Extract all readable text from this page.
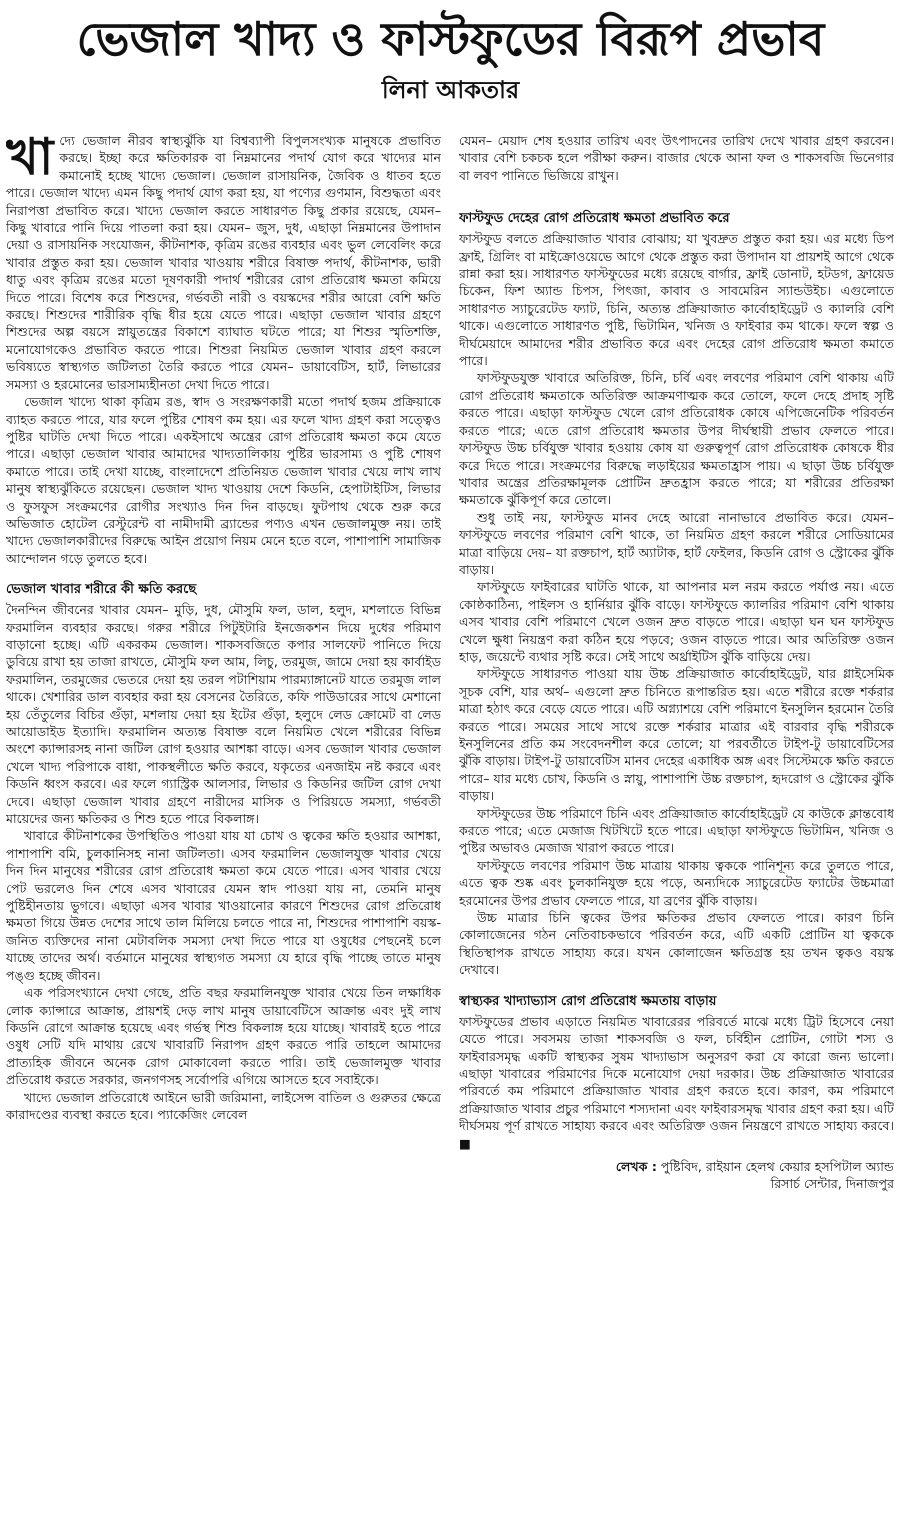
ভেজাল খাদ্য ও ফাস্টফুডের বিরূপ প্রভাব
লিনা আকতার

খাদ্যে ভেজাল নীরব স্বাস্থ্যঝুঁকি যা বিশ্বব্যাপী বিপুলসংখ্যক মানুষকে প্রভাবিত করছে। ইচ্ছা করে ক্ষতিকারক বা নিম্নমানের পদার্থ যোগ করে খাদ্যের মান কমানোই হচ্ছে খাদ্যে ভেজাল। ভেজাল রাসায়নিক, জৈবিক ও ধাতব হতে পারে। ভেজাল খাদ্যে এমন কিছু পদার্থ যোগ করা হয়, যা পণ্যের গুণমান, বিশুদ্ধতা এবং নিরাপত্তা প্রভাবিত করে। খাদ্যে ভেজাল করতে সাধারণত কিছু প্রকার রয়েছে, যেমন– কিছু খাবারে পানি দিয়ে পাতলা করা হয়। যেমন– জুস, দুধ, এছাড়া নিম্নমানের উপাদান দেয়া ও রাসায়নিক সংযোজন, কীটনাশক, কৃত্রিম রঙের ব্যবহার এবং ভুল লেবেলিং করে খাবার প্রস্তুত করা হয়। ভেজাল খাবার খাওয়ায় শরীরে বিষাক্ত পদার্থ, কীটনাশক, ভারী ধাতু এবং কৃত্রিম রঙের মতো দূষণকারী পদার্থ শরীরের রোগ প্রতিরোধ ক্ষমতা কমিয়ে দিতে পারে। বিশেষ করে শিশুদের, গর্ভবতী নারী ও বয়স্কদের শরীর আরো বেশি ক্ষতি করছে। শিশুদের শারীরিক বৃদ্ধি ধীর হয়ে যেতে পারে। এছাড়া ভেজাল খাবার গ্রহণে শিশুদের অল্প বয়সে স্নায়ুতন্ত্রের বিকাশে ব্যাঘাত ঘটতে পারে; যা শিশুর স্মৃতিশক্তি, মনোযোগকেও প্রভাবিত করতে পারে। শিশুরা নিয়মিত ভেজাল খাবার গ্রহণ করলে ভবিষ্যতে স্বাস্থ্যগত জটিলতা তৈরি করতে পারে যেমন– ডায়াবেটিস, হার্ট, লিভারের সমস্যা ও হরমোনের ভারসাম্যহীনতা দেখা দিতে পারে।

ভেজাল খাদ্যে থাকা কৃত্রিম রঙ, স্বাদ ও সংরক্ষণকারী মতো পদার্থ হজম প্রক্রিয়াকে ব্যাহত করতে পারে, যার ফলে পুষ্টির শোষণ কম হয়। এর ফলে খাদ্য গ্রহণ করা সত্ত্বেও পুষ্টির ঘাটতি দেখা দিতে পারে। একইসাথে অন্ত্রের রোগ প্রতিরোধ ক্ষমতা কমে যেতে পারে। এছাড়া ভেজাল খাবার আমাদের খাদ্যতালিকায় পুষ্টির ভারসাম্য ও পুষ্টি শোষণ কমাতে পারে। তাই দেখা যাচ্ছে, বাংলাদেশে প্রতিনিয়ত ভেজাল খাবার খেয়ে লাখ লাখ মানুষ স্বাস্থ্যঝুঁকিতে রয়েছেন। ভেজাল খাদ্য খাওয়ায় দেশে কিডনি, হেপাটাইটিস, লিভার ও ফুসফুস সংক্রমণের রোগীর সংখ্যাও দিন দিন বাড়ছে। ফুটপাথ থেকে শুরু করে অভিজাত হোটেল রেস্টুরেন্ট বা নামীদামী ব্র্যান্ডের পণ্যও এখন ভেজালমুক্ত নয়। তাই খাদ্যে ভেজালকারীদের বিরুদ্ধে আইন প্রয়োগ নিয়ম মেনে হতে বলে, পাশাপাশি সামাজিক আন্দোলন গড়ে তুলতে হবে।

ভেজাল খাবার শরীরে কী ক্ষতি করছে

দৈনন্দিন জীবনের খাবার যেমন– মুড়ি, দুধ, মৌসুমি ফল, ডাল, হলুদ, মশলাতে বিভিন্ন ফরমালিন ব্যবহার করছে। গরুর শরীরে পিটুইটারি ইনজেকশন দিয়ে দুধের পরিমাণ বাড়ানো হচ্ছে। এটি একরকম ভেজাল। শাকসবজিতে কপার সালফেট পানিতে দিয়ে ডুবিয়ে রাখা হয় তাজা রাখতে, মৌসুমি ফল আম, লিচু, তরমুজ, জামে দেয়া হয় কার্বাইড ফরমালিন, তরমুজের ভেতরে দেয়া হয় তরল পটাশিয়াম পারম্যাঙ্গানেট যাতে তরমুজ লাল থাকে। খেশারির ডাল ব্যবহার করা হয় বেসনের তৈরিতে, কফি পাউডারের সাথে মেশানো হয় তেঁতুলের বিচির গুঁড়া, মশলায় দেয়া হয় ইটের গুঁড়া, হলুদে লেড ক্রোমেট বা লেড আয়োডাইড ইত্যাদি। ফরমালিন অত্যন্ত বিষাক্ত বলে নিয়মিত খেলে শরীরের বিভিন্ন অংশে ক্যান্সারসহ নানা জটিল রোগ হওয়ার আশঙ্কা বাড়ে। এসব ভেজাল খাবার ভেজাল খেলে খাদ্য পরিপাকে বাধা, পাকস্থলীতে ক্ষতি করবে, যকৃতের এনজাইম নষ্ট করবে এবং কিডনি ধ্বংস করবে। এর ফলে গ্যাস্ট্রিক আলসার, লিভার ও কিডনির জটিল রোগ দেখা দেবে। এছাড়া ভেজাল খাবার গ্রহণে নারীদের মাসিক ও পিরিয়ডে সমস্যা, গর্ভবতী মায়েদের জন্য ক্ষতিকর ও শিশু হতে পারে বিকলাঙ্গ।

খাবারে কীটনাশকের উপস্থিতিও পাওয়া যায় যা চোখ ও ত্বকের ক্ষতি হওয়ার আশঙ্কা, পাশাপাশি বমি, চুলকানিসহ নানা জটিলতা। এসব ফরমালিন ভেজালযুক্ত খাবার খেয়ে দিন দিন মানুষের শরীরের রোগ প্রতিরোধ ক্ষমতা কমে যেতে পারে। এসব খাবার খেয়ে পেট ভরলেও দিন শেষে এসব খাবারের যেমন স্বাদ পাওয়া যায় না, তেমনি মানুষ পুষ্টিহীনতায় ভুগবে। এছাড়া এসব খাবার খাওয়ানোর কারণে শিশুদের রোগ প্রতিরোধ ক্ষমতা গিয়ে উন্নত দেশের সাথে তাল মিলিয়ে চলতে পারে না, শিশুদের পাশাপাশি বয়স্ক-জনিত ব্যক্তিদের নানা মেটাবলিক সমস্যা দেখা দিতে পারে যা ওষুধের পেছনেই চলে যাচ্ছে তাদের অর্থ। বর্তমানে মানুষের স্বাস্থ্যগত সমস্যা যে হারে বৃদ্ধি পাচ্ছে তাতে মানুষ পঙ্গু হচ্ছে জীবন।

এক পরিসংখ্যানে দেখা গেছে, প্রতি বছর ফরমালিনযুক্ত খাবার খেয়ে তিন লক্ষাধিক লোক ক্যান্সারে আক্রান্ত, প্রায়শই দেড় লাখ মানুষ ডায়াবেটিসে আক্রান্ত এবং দুই লাখ কিডনি রোগে আক্রান্ত হয়েছে এবং গর্ভস্থ শিশু বিকলাঙ্গ হয়ে যাচ্ছে। খাবারই হতে পারে ওষুধ সেটি যদি মাথায় রেখে খাবারটি নিরাপদ গ্রহণ করতে পারি তাহলে আমাদের প্রাত্যহিক জীবনে অনেক রোগ মোকাবেলা করতে পারি। তাই ভেজালমুক্ত খাবার প্রতিরোধ করতে সরকার, জনগণসহ সর্বোপরি এগিয়ে আসতে হবে সবাইকে।

খাদ্যে ভেজাল প্রতিরোধে আইনে ভারী জরিমানা, লাইসেন্স বাতিল ও গুরুতর ক্ষেত্রে কারাদণ্ডের ব্যবস্থা করতে হবে। প্যাকেজিং লেবেল

যেমন– মেয়াদ শেষ হওয়ার তারিখ এবং উৎপাদনের তারিখ দেখে খাবার গ্রহণ করবেন। খাবার বেশি চকচক হলে পরীক্ষা করুন। বাজার থেকে আনা ফল ও শাকসবজি ভিনেগার বা লবণ পানিতে ভিজিয়ে রাখুন।

ফাস্টফুড দেহের রোগ প্রতিরোধ ক্ষমতা প্রভাবিত করে

ফাস্টফুড বলতে প্রক্রিয়াজাত খাবার বোঝায়; যা খুবদ্রুত প্রস্তুত করা হয়। এর মধ্যে ডিপ ফ্রাই, গ্রিলিং বা মাইক্রোওয়েভে আগে থেকে প্রস্তুত করা উপাদান যা প্রায়শই আগে থেকে রান্না করা হয়। সাধারণত ফাস্টফুডের মধ্যে রয়েছে বার্গার, ফ্রাই ডোনাট, হটডগ, ফ্রায়েড চিকেন, ফিশ অ্যান্ড চিপস, পিৎজা, কাবাব ও সাবমেরিন স্যান্ডউইচ। এগুলোতে সাধারণত স্যাচুরেটেড ফ্যাট, চিনি, অত্যন্ত প্রক্রিয়াজাত কার্বোহাইড্রেট ও ক্যালরি বেশি থাকে। এগুলোতে সাধারণত পুষ্টি, ভিটামিন, খনিজ ও ফাইবার কম থাকে। ফলে স্বল্প ও দীর্ঘমেয়াদে আমাদের শরীর প্রভাবিত করে এবং দেহের রোগ প্রতিরোধ ক্ষমতা কমাতে পারে।

ফাস্টফুডযুক্ত খাবারে অতিরিক্ত, চিনি, চর্বি এবং লবণের পরিমাণ বেশি থাকায় এটি রোগ প্রতিরোধ ক্ষমতাকে অতিরিক্ত আক্রমণাত্মক করে তোলে, ফলে দেহে প্রদাহ সৃষ্টি করতে পারে। এছাড়া ফাস্টফুড খেলে রোগ প্রতিরোধক কোষে এপিজেনেটিক পরিবর্তন করতে পারে; এতে রোগ প্রতিরোধ ক্ষমতার উপর দীর্ঘস্থায়ী প্রভাব ফেলতে পারে। ফাস্টফুড উচ্চ চর্বিযুক্ত খাবার হওয়ায় কোষ যা গুরুত্বপূর্ণ রোগ প্রতিরোধক কোষকে ধীর করে দিতে পারে। সংক্রমণের বিরুদ্ধে লড়াইয়ের ক্ষমতাহ্রাস পায়। এ ছাড়া উচ্চ চর্বিযুক্ত খাবার অন্ত্রের প্রতিরক্ষামূলক প্রোটিন দ্রুতহ্রাস করতে পারে; যা শরীরের প্রতিরক্ষা ক্ষমতাকে ঝুঁকিপূর্ণ করে তোলে।

শুধু তাই নয়, ফাস্টফুড মানব দেহে আরো নানাভাবে প্রভাবিত করে। যেমন– ফাস্টফুডে লবণের পরিমাণ বেশি থাকে, তা নিয়মিত গ্রহণ করলে শরীরে সোডিয়ামের মাত্রা বাড়িয়ে দেয়– যা রক্তচাপ, হার্ট অ্যাটাক, হার্ট ফেইলর, কিডনি রোগ ও স্ট্রোকের ঝুঁকি বাড়ায়।

ফাস্টফুডে ফাইবারের ঘাটতি থাকে, যা আপনার মল নরম করতে পর্যাপ্ত নয়। এতে কোষ্ঠকাঠিন্য, পাইলস ও হার্নিয়ার ঝুঁকি বাড়ে। ফাস্টফুডে ক্যালরির পরিমাণ বেশি থাকায় এসব খাবার বেশি পরিমাণে খেলে ওজন দ্রুত বাড়তে পারে। এছাড়া ঘন ঘন ফাস্টফুড খেলে ক্ষুধা নিয়ন্ত্রণ করা কঠিন হয়ে পড়বে; ওজন বাড়তে পারে। আর অতিরিক্ত ওজন হাড়, জয়েন্টে ব্যথার সৃষ্টি করে। সেই সাথে অর্থ্রাইটিস ঝুঁকি বাড়িয়ে দেয়।

ফাস্টফুডে সাধারণত পাওয়া যায় উচ্চ প্রক্রিয়াজাত কার্বোহাইড্রেট, যার গ্লাইসেমিক সূচক বেশি, যার অর্থ– এগুলো দ্রুত চিনিতে রূপান্তরিত হয়। এতে শরীরে রক্তে শর্করার মাত্রা হঠাৎ করে বেড়ে যেতে পারে। এটি অগ্ন্যাশয়ে বেশি পরিমাণে ইনসুলিন হরমোন তৈরি করতে পারে। সময়ের সাথে সাথে রক্তে শর্করার মাত্রার এই বারবার বৃদ্ধি শরীরকে ইনসুলিনের প্রতি কম সংবেদনশীল করে তোলে; যা পরবর্তীতে টাইপ-টু ডায়াবেটিসের ঝুঁকি বাড়ায়। টাইপ-টু ডায়াবেটিস মানব দেহের একাধিক অঙ্গ এবং সিস্টেমকে ক্ষতি করতে পারে– যার মধ্যে চোখ, কিডনি ও স্নায়ু, পাশাপাশি উচ্চ রক্তচাপ, হৃদরোগ ও স্ট্রোকের ঝুঁকি বাড়ায়।

ফাস্টফুডের উচ্চ পরিমাণে চিনি এবং প্রক্রিয়াজাত কার্বোহাইড্রেট যে কাউকে ক্লান্তবোধ করতে পারে; এতে মেজাজ খিটখিটে হতে পারে। এছাড়া ফাস্টফুডে ভিটামিন, খনিজ ও পুষ্টির অভাবও মেজাজ খারাপ করতে পারে।

ফাস্টফুডে লবণের পরিমাণ উচ্চ মাত্রায় থাকায় ত্বককে পানিশূন্য করে তুলতে পারে, এতে ত্বক শুষ্ক এবং চুলকানিযুক্ত হয়ে পড়ে, অন্যদিকে স্যাচুরেটেড ফ্যাটের উচ্চমাত্রা হরমোনের উপর প্রভাব ফেলতে পারে, যা ব্রণের ঝুঁকি বাড়ায়।

উচ্চ মাত্রার চিনি ত্বকের উপর ক্ষতিকর প্রভাব ফেলতে পারে। কারণ চিনি কোলাজেনের গঠন নেতিবাচকভাবে পরিবর্তন করে, এটি একটি প্রোটিন যা ত্বককে স্থিতিস্থাপক রাখতে সাহায্য করে। যখন কোলাজেন ক্ষতিগ্রস্ত হয় তখন ত্বকও বয়স্ক দেখাবে।

স্বাস্থ্যকর খাদ্যাভ্যাস রোগ প্রতিরোধ ক্ষমতায় বাড়ায়

ফাস্টফুডের প্রভাব এড়াতে নিয়মিত খাবারেরর পরিবর্তে মাঝে মধ্যে ট্রিট হিসেবে নেয়া যেতে পারে। সবসময় তাজা শাকসবজি ও ফল, চর্বিহীন প্রোটিন, গোটা শস্য ও ফাইবারসমৃদ্ধ একটি স্বাস্থ্যকর সুষম খাদ্যাভাস অনুসরণ করা যে কারো জন্য ভালো। এছাড়া খাবারের পরিমাণের দিকে মনোযোগ দেয়া দরকার। উচ্চ প্রক্রিয়াজাত খাবারের পরিবর্তে কম পরিমাণে প্রক্রিয়াজাত খাবার গ্রহণ করতে হবে। কারণ, কম পরিমাণে প্রক্রিয়াজাত খাবার প্রচুর পরিমাণে শস্যদানা এবং ফাইবারসমৃদ্ধ খাবার গ্রহণ করা হয়। এটি দীর্ঘসময় পূর্ণ রাখতে সাহায্য করবে এবং অতিরিক্ত ওজন নিয়ন্ত্রণে রাখতে সাহায্য করবে। ■

লেখক : পুষ্টিবিদ, রাইয়ান হেলথ কেয়ার হসপিটাল অ্যান্ড
রিসার্চ সেন্টার, দিনাজপুর
